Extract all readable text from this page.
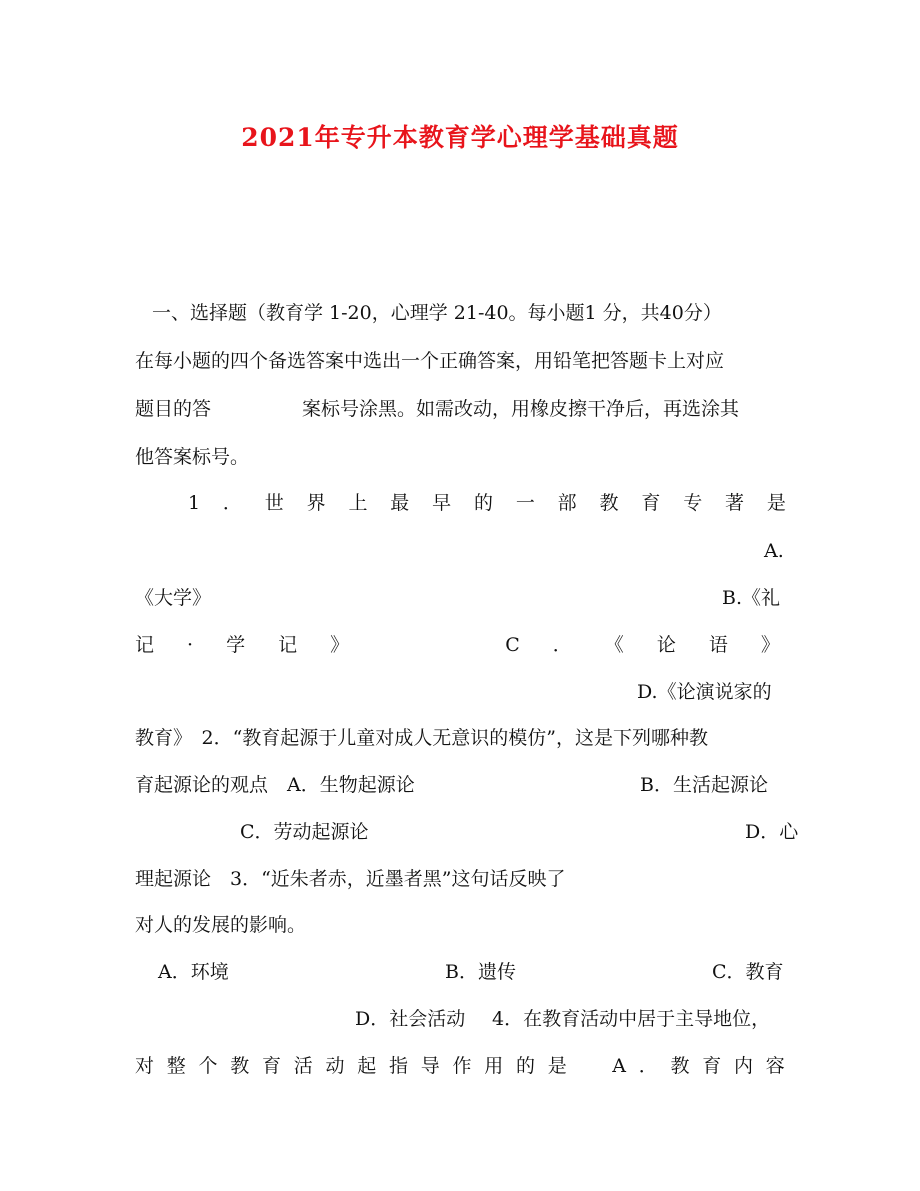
2021年专升本教育学心理学基础真题
一、选择题（教育学 1-20，心理学 21-40。每小题1 分，共40分）
在每小题的四个备选答案中选出一个正确答案，用铅笔把答题卡上对应
题目的答	案标号涂黑。如需改动，用橡皮擦干净后，再选涂其
他答案标号。
1 ． 世 界 上 最 早 的 一 部 教 育 专 著 是
A.
《大学》	B.《礼
记 · 学 记 》	C ． 《 论 语 》
D.《论演说家的
教育》　2．“教育起源于儿童对成人无意识的模仿”，这是下列哪种教
育起源论的观点　A．生物起源论	B．生活起源论
C．劳动起源论	D．心
理起源论　3．“近朱者赤，近墨者黑”这句话反映了
对人的发展的影响。
A．环境	B．遗传	C．教育
D．社会活动 4．在教育活动中居于主导地位，
对 整 个 教 育 活 动 起 指 导 作 用 的 是 A ． 教 育 内 容
